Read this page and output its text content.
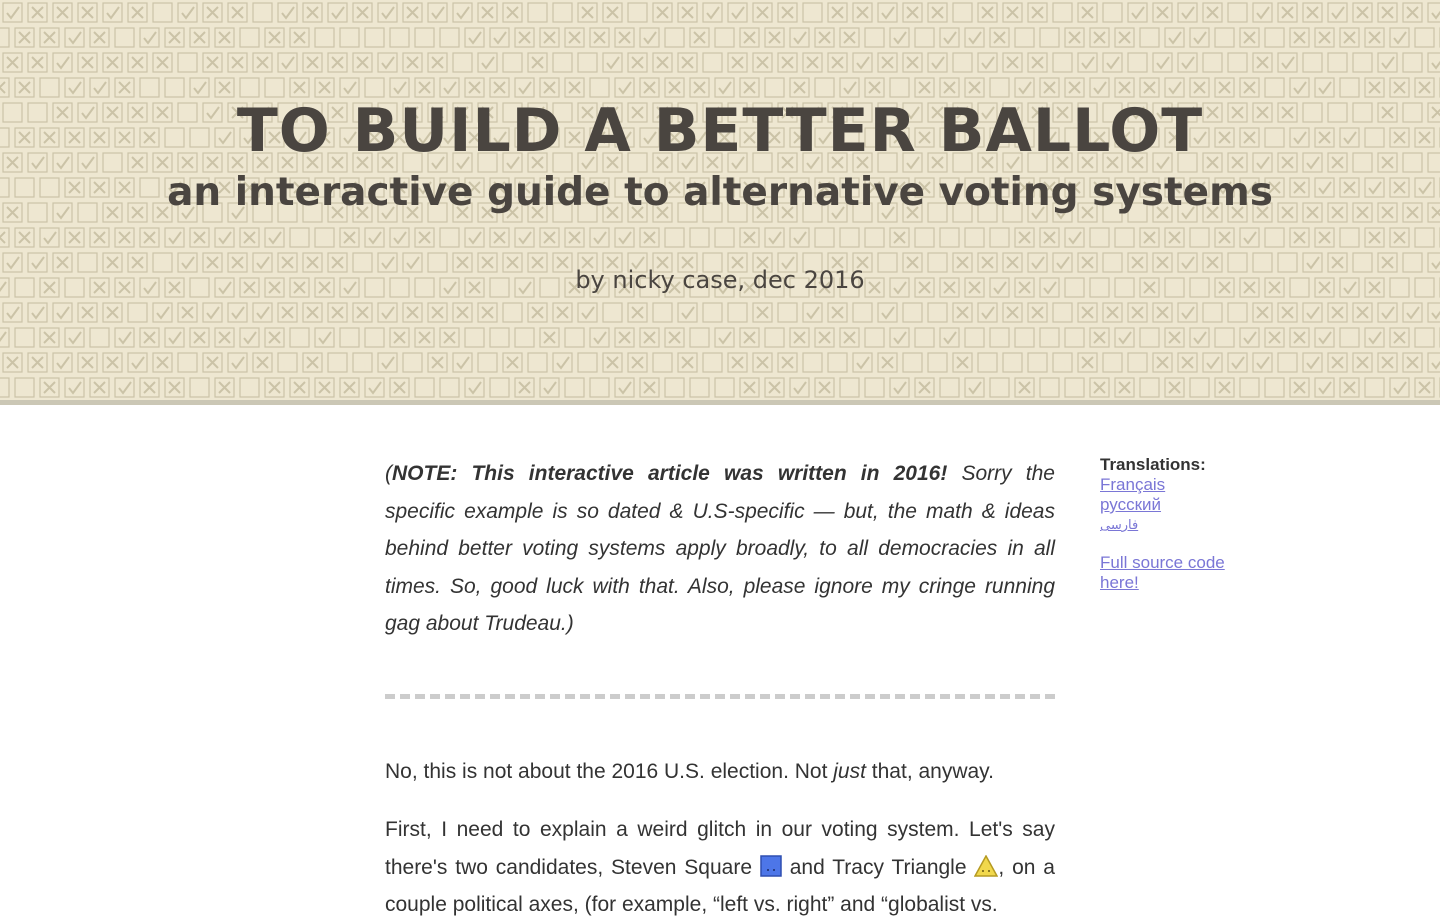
TO BUILD A BETTER BALLOT
an interactive guide to alternative voting systems

by nicky case, dec 2016

(NOTE: This interactive article was written in 2016! Sorry the specific example is so dated & U.S-specific — but, the math & ideas behind better voting systems apply broadly, to all democracies in all times. So, good luck with that. Also, please ignore my cringe running gag about Trudeau.)

No, this is not about the 2016 U.S. election. Not just that, anyway.

First, I need to explain a weird glitch in our voting system. Let's say there's two candidates, Steven Square  and Tracy Triangle , on a couple political axes, (for example, “left vs. right” and “globalist vs.

Translations:

Français
русский
فارسی
Full source code here!
